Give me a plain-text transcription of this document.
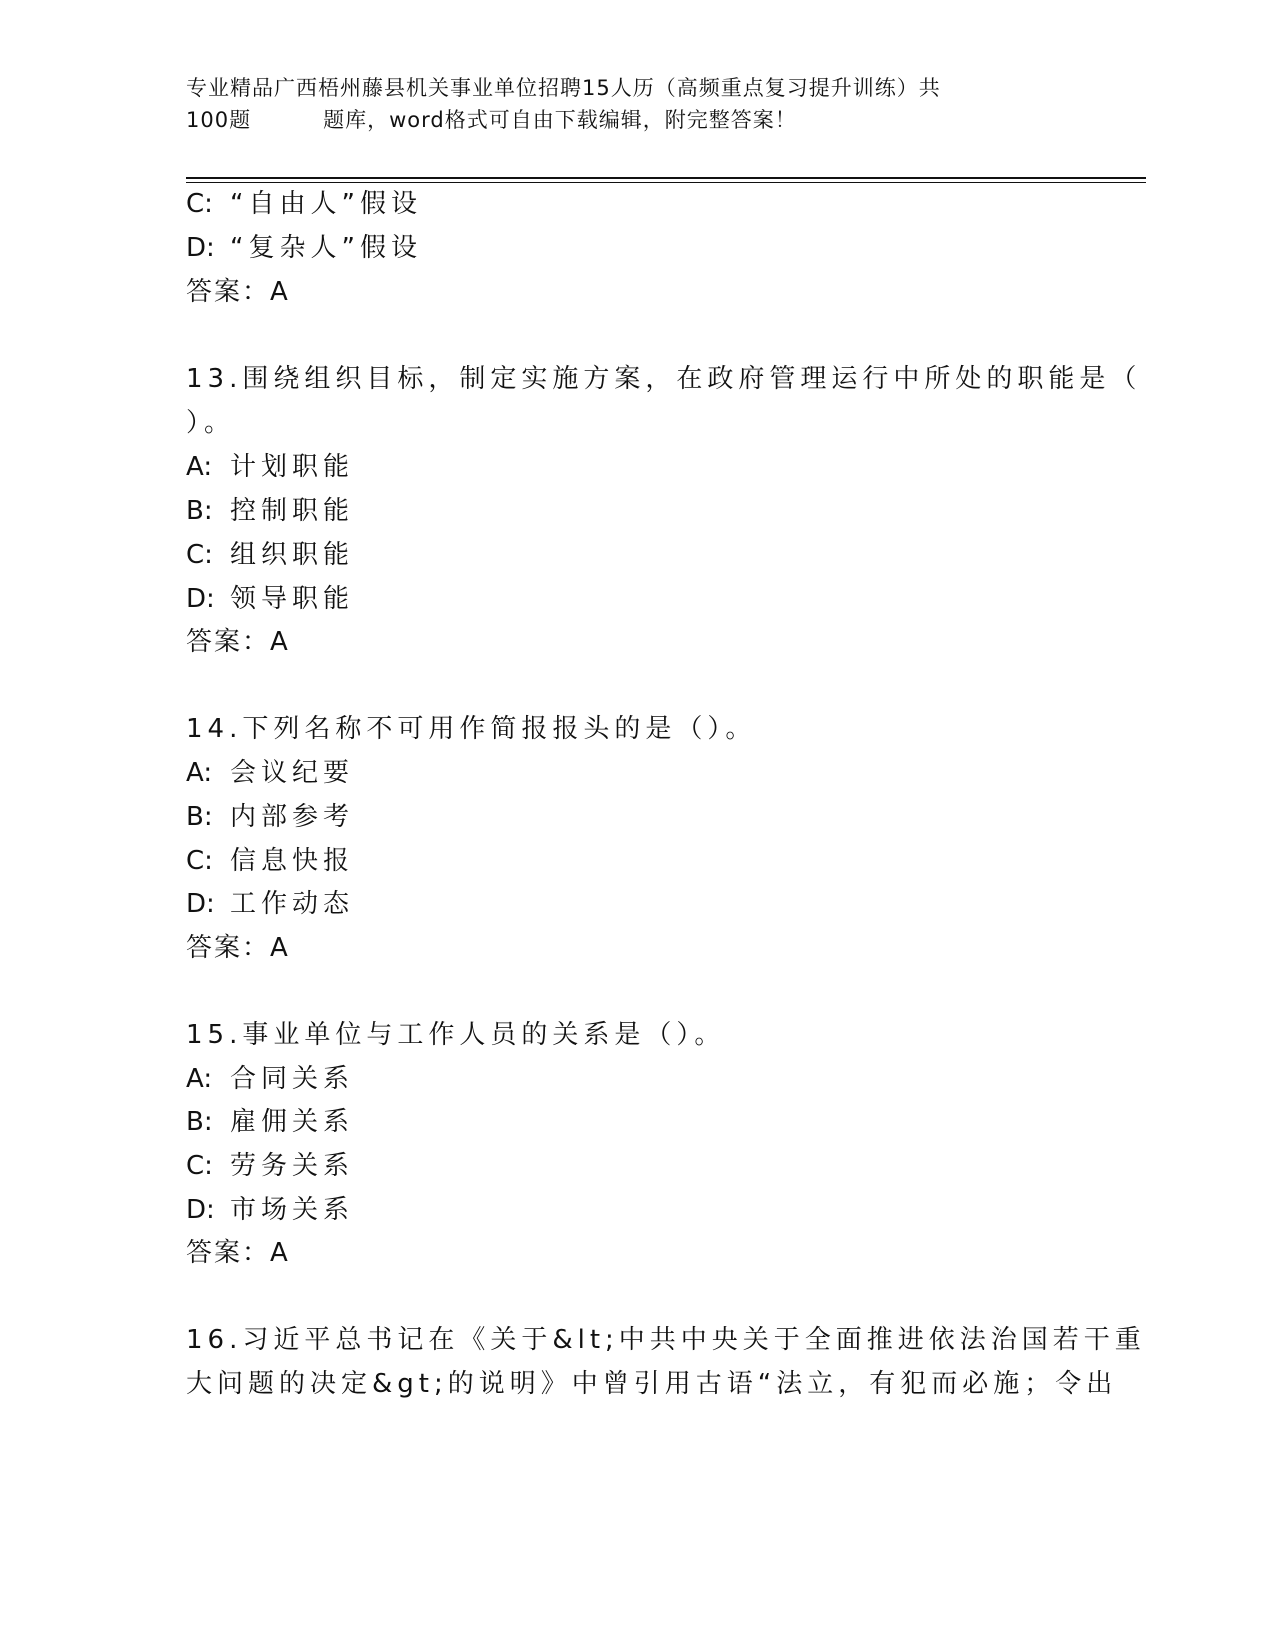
专业精品广西梧州藤县机关事业单位招聘15人历（高频重点复习提升训练）共
100题	题库，word格式可自由下载编辑，附完整答案！
C: “自由人”假设
D: “复杂人”假设
答案：A
13.围绕组织目标，制定实施方案，在政府管理运行中所处的职能是（
）。
A: 计划职能
B: 控制职能
C: 组织职能
D: 领导职能
答案：A
14.下列名称不可用作简报报头的是（）。
A: 会议纪要
B: 内部参考
C: 信息快报
D: 工作动态
答案：A
15.事业单位与工作人员的关系是（）。
A: 合同关系
B: 雇佣关系
C: 劳务关系
D: 市场关系
答案：A
16.习近平总书记在《关于&lt;中共中央关于全面推进依法治国若干重
大问题的决定&gt;的说明》中曾引用古语“法立，有犯而必施；令出
